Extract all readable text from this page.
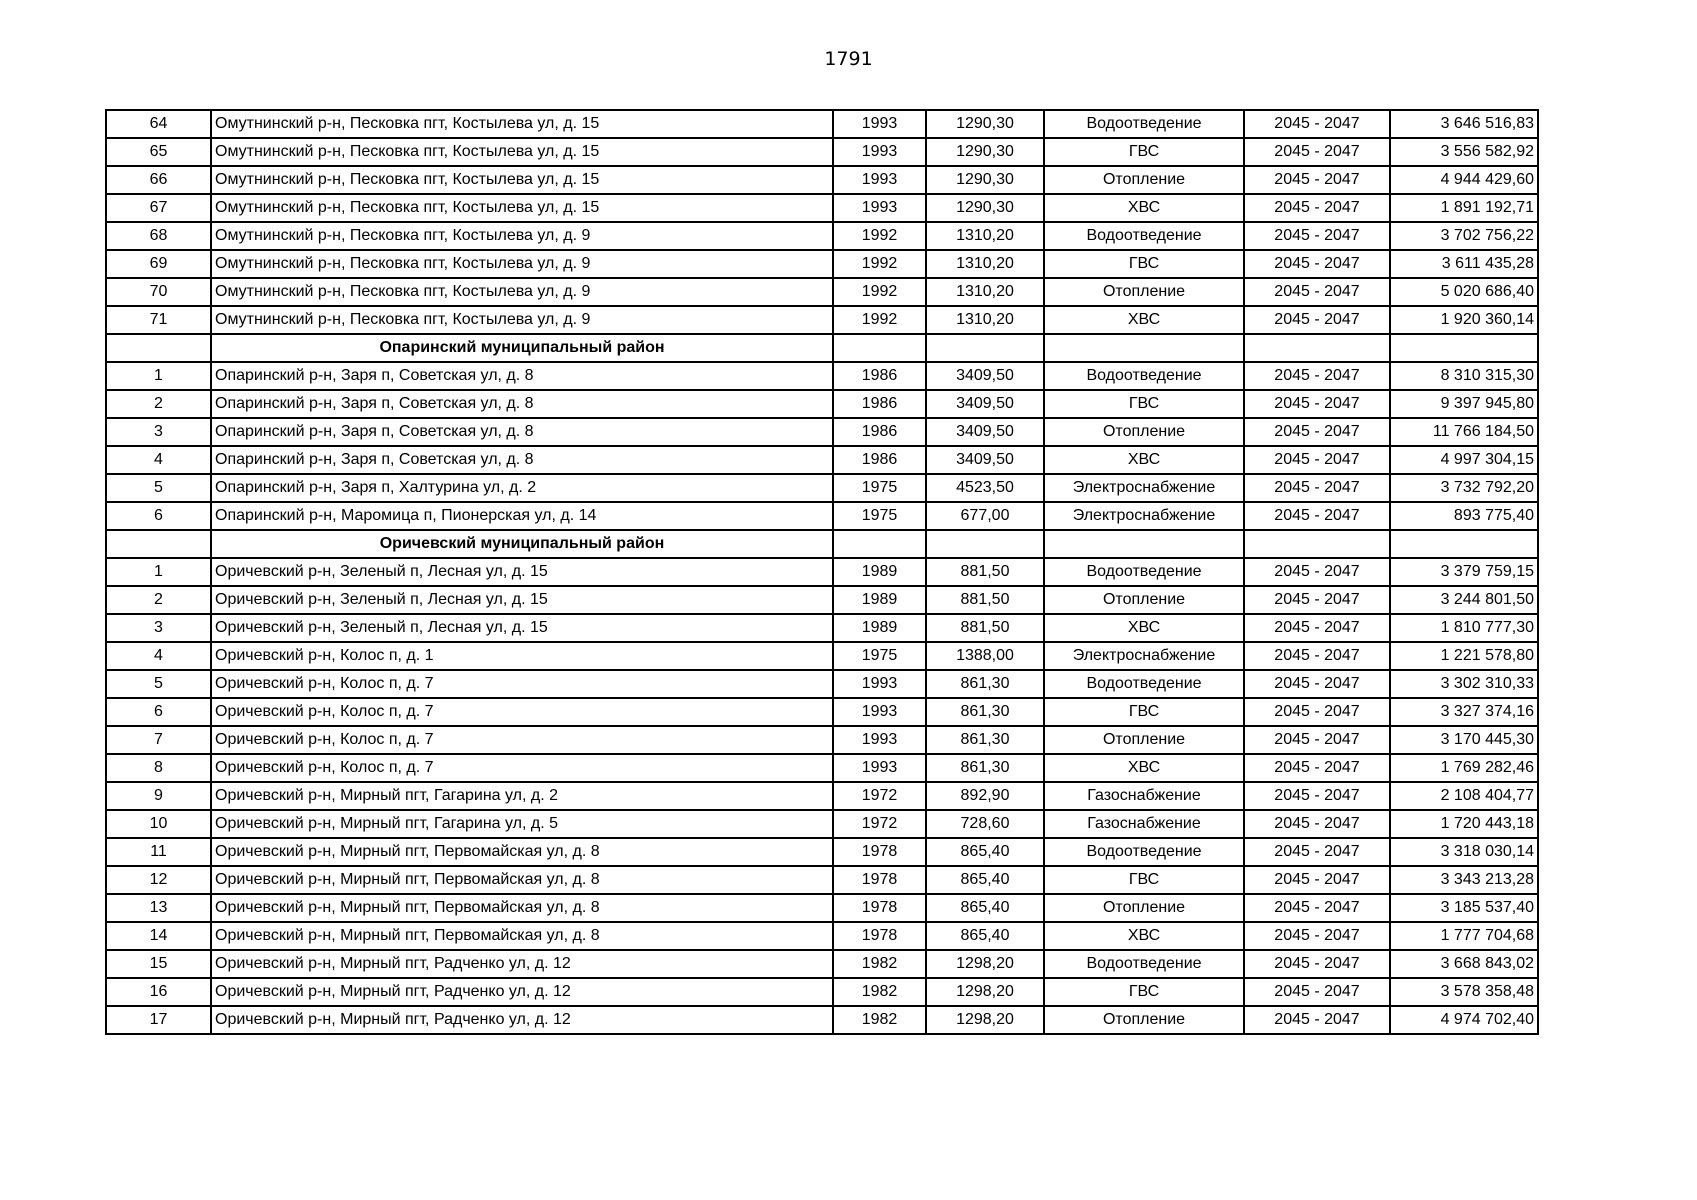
1791
64	Омутнинский р-н, Песковка пгт, Костылева ул, д. 15	1993	1290,30	Водоотведение	2045 - 2047	3 646 516,83
65	Омутнинский р-н, Песковка пгт, Костылева ул, д. 15	1993	1290,30	ГВС	2045 - 2047	3 556 582,92
66	Омутнинский р-н, Песковка пгт, Костылева ул, д. 15	1993	1290,30	Отопление	2045 - 2047	4 944 429,60
67	Омутнинский р-н, Песковка пгт, Костылева ул, д. 15	1993	1290,30	ХВС	2045 - 2047	1 891 192,71
68	Омутнинский р-н, Песковка пгт, Костылева ул, д. 9	1992	1310,20	Водоотведение	2045 - 2047	3 702 756,22
69	Омутнинский р-н, Песковка пгт, Костылева ул, д. 9	1992	1310,20	ГВС	2045 - 2047	3 611 435,28
70	Омутнинский р-н, Песковка пгт, Костылева ул, д. 9	1992	1310,20	Отопление	2045 - 2047	5 020 686,40
71	Омутнинский р-н, Песковка пгт, Костылева ул, д. 9	1992	1310,20	ХВС	2045 - 2047	1 920 360,14
	Опаринский муниципальный район					
1	Опаринский р-н, Заря п, Советская ул, д. 8	1986	3409,50	Водоотведение	2045 - 2047	8 310 315,30
2	Опаринский р-н, Заря п, Советская ул, д. 8	1986	3409,50	ГВС	2045 - 2047	9 397 945,80
3	Опаринский р-н, Заря п, Советская ул, д. 8	1986	3409,50	Отопление	2045 - 2047	11 766 184,50
4	Опаринский р-н, Заря п, Советская ул, д. 8	1986	3409,50	ХВС	2045 - 2047	4 997 304,15
5	Опаринский р-н, Заря п, Халтурина ул, д. 2	1975	4523,50	Электроснабжение	2045 - 2047	3 732 792,20
6	Опаринский р-н, Маромица п, Пионерская ул, д. 14	1975	677,00	Электроснабжение	2045 - 2047	893 775,40
	Оричевский муниципальный район					
1	Оричевский р-н, Зеленый п, Лесная ул, д. 15	1989	881,50	Водоотведение	2045 - 2047	3 379 759,15
2	Оричевский р-н, Зеленый п, Лесная ул, д. 15	1989	881,50	Отопление	2045 - 2047	3 244 801,50
3	Оричевский р-н, Зеленый п, Лесная ул, д. 15	1989	881,50	ХВС	2045 - 2047	1 810 777,30
4	Оричевский р-н, Колос п, д. 1	1975	1388,00	Электроснабжение	2045 - 2047	1 221 578,80
5	Оричевский р-н, Колос п, д. 7	1993	861,30	Водоотведение	2045 - 2047	3 302 310,33
6	Оричевский р-н, Колос п, д. 7	1993	861,30	ГВС	2045 - 2047	3 327 374,16
7	Оричевский р-н, Колос п, д. 7	1993	861,30	Отопление	2045 - 2047	3 170 445,30
8	Оричевский р-н, Колос п, д. 7	1993	861,30	ХВС	2045 - 2047	1 769 282,46
9	Оричевский р-н, Мирный пгт, Гагарина ул, д. 2	1972	892,90	Газоснабжение	2045 - 2047	2 108 404,77
10	Оричевский р-н, Мирный пгт, Гагарина ул, д. 5	1972	728,60	Газоснабжение	2045 - 2047	1 720 443,18
11	Оричевский р-н, Мирный пгт, Первомайская ул, д. 8	1978	865,40	Водоотведение	2045 - 2047	3 318 030,14
12	Оричевский р-н, Мирный пгт, Первомайская ул, д. 8	1978	865,40	ГВС	2045 - 2047	3 343 213,28
13	Оричевский р-н, Мирный пгт, Первомайская ул, д. 8	1978	865,40	Отопление	2045 - 2047	3 185 537,40
14	Оричевский р-н, Мирный пгт, Первомайская ул, д. 8	1978	865,40	ХВС	2045 - 2047	1 777 704,68
15	Оричевский р-н, Мирный пгт, Радченко ул, д. 12	1982	1298,20	Водоотведение	2045 - 2047	3 668 843,02
16	Оричевский р-н, Мирный пгт, Радченко ул, д. 12	1982	1298,20	ГВС	2045 - 2047	3 578 358,48
17	Оричевский р-н, Мирный пгт, Радченко ул, д. 12	1982	1298,20	Отопление	2045 - 2047	4 974 702,40
